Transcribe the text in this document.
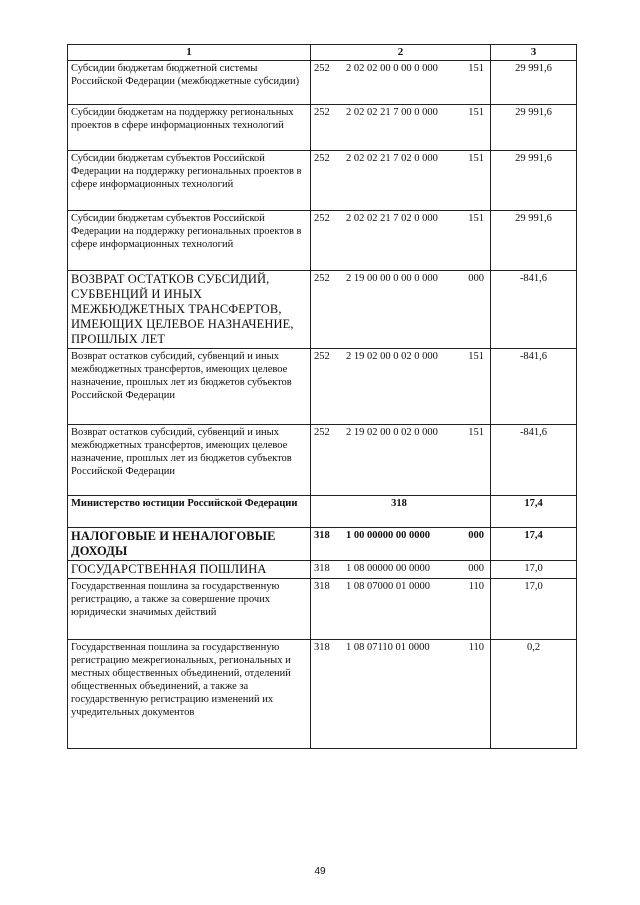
1	2	3
Субсидии бюджетам бюджетной системы Российской Федерации (межбюджетные субсидии)	252 2 02 02 00 0 00 0 000 151	29 991,6
Субсидии бюджетам на поддержку региональных проектов в сфере информационных технологий	252 2 02 02 21 7 00 0 000 151	29 991,6
Субсидии бюджетам субъектов Российской Федерации на поддержку региональных проектов в сфере информационных технологий	252 2 02 02 21 7 02 0 000 151	29 991,6
Субсидии бюджетам субъектов Российской Федерации на поддержку региональных проектов в сфере информационных технологий	252 2 02 02 21 7 02 0 000 151	29 991,6
ВОЗВРАТ ОСТАТКОВ СУБСИДИЙ, СУБВЕНЦИЙ И ИНЫХ МЕЖБЮДЖЕТНЫХ ТРАНСФЕРТОВ, ИМЕЮЩИХ ЦЕЛЕВОЕ НАЗНАЧЕНИЕ, ПРОШЛЫХ ЛЕТ	252 2 19 00 00 0 00 0 000 000	-841,6
Возврат остатков субсидий, субвенций и иных межбюджетных трансфертов, имеющих целевое назначение, прошлых лет из бюджетов субъектов Российской Федерации	252 2 19 02 00 0 02 0 000 151	-841,6
Возврат остатков субсидий, субвенций и иных межбюджетных трансфертов, имеющих целевое назначение, прошлых лет из бюджетов субъектов Российской Федерации	252 2 19 02 00 0 02 0 000 151	-841,6
Министерство юстиции Российской Федерации	318	17,4
НАЛОГОВЫЕ И НЕНАЛОГОВЫЕ ДОХОДЫ	318 1 00 00000 00 0000 000	17,4
ГОСУДАРСТВЕННАЯ ПОШЛИНА	318 1 08 00000 00 0000 000	17,0
Государственная пошлина за государственную регистрацию, а также за совершение прочих юридически значимых действий	318 1 08 07000 01 0000 110	17,0
Государственная пошлина за государственную регистрацию межрегиональных, региональных и местных общественных объединений, отделений общественных объединений, а также за государственную регистрацию изменений их учредительных документов	318 1 08 07110 01 0000 110	0,2
49
